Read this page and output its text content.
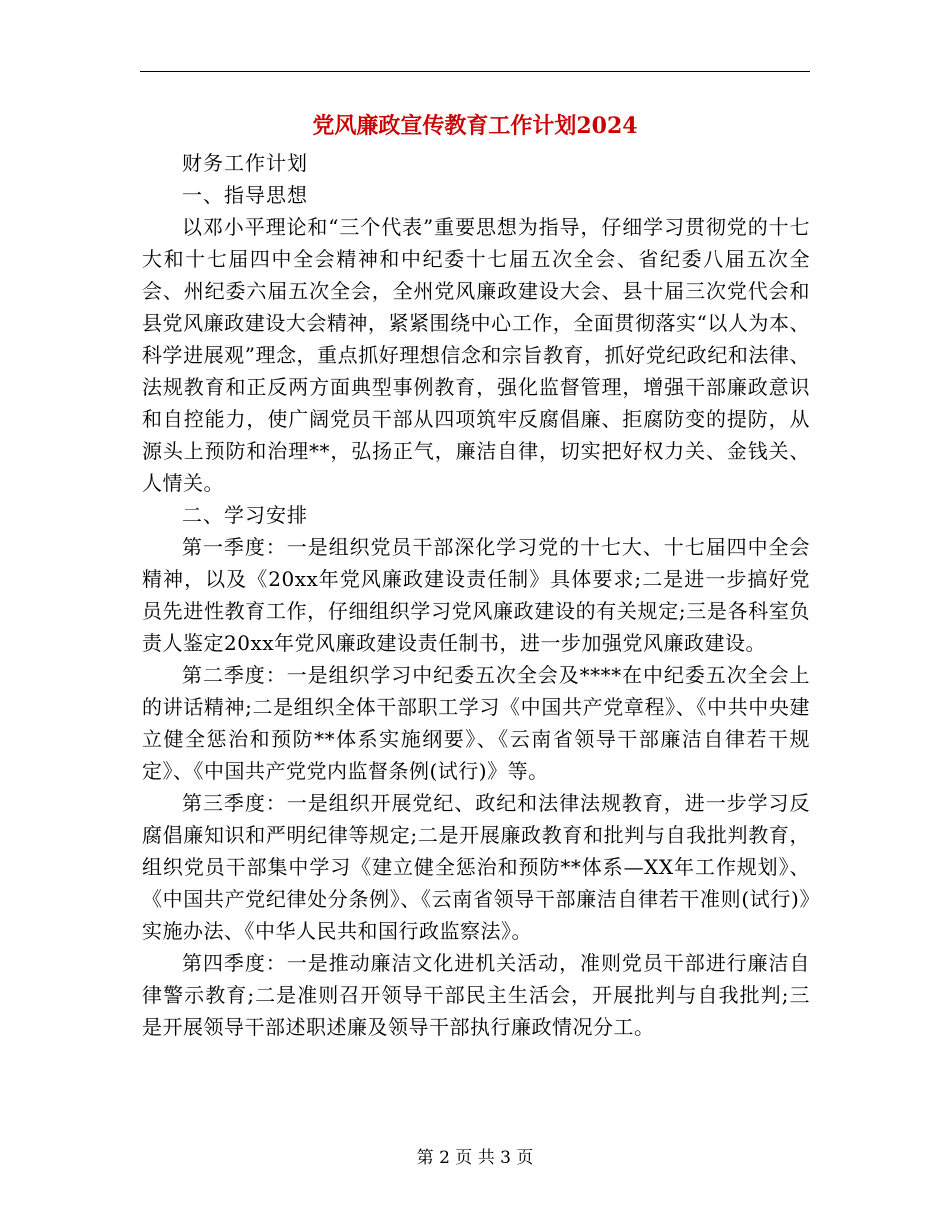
党风廉政宣传教育工作计划2024

财务工作计划

一、指导思想

以邓小平理论和“三个代表”重要思想为指导，仔细学习贯彻党的十七大和十七届四中全会精神和中纪委十七届五次全会、省纪委八届五次全会、州纪委六届五次全会，全州党风廉政建设大会、县十届三次党代会和县党风廉政建设大会精神，紧紧围绕中心工作，全面贯彻落实“以人为本、科学进展观”理念，重点抓好理想信念和宗旨教育，抓好党纪政纪和法律、法规教育和正反两方面典型事例教育，强化监督管理，增强干部廉政意识和自控能力，使广阔党员干部从四项筑牢反腐倡廉、拒腐防变的提防，从源头上预防和治理**，弘扬正气，廉洁自律，切实把好权力关、金钱关、人情关。

二、学习安排

第一季度：一是组织党员干部深化学习党的十七大、十七届四中全会精神，以及《20xx年党风廉政建设责任制》具体要求;二是进一步搞好党员先进性教育工作，仔细组织学习党风廉政建设的有关规定;三是各科室负责人鉴定20xx年党风廉政建设责任制书，进一步加强党风廉政建设。

第二季度：一是组织学习中纪委五次全会及****在中纪委五次全会上的讲话精神;二是组织全体干部职工学习《中国共产党章程》、《中共中央建立健全惩治和预防**体系实施纲要》、《云南省领导干部廉洁自律若干规定》、《中国共产党党内监督条例(试行)》等。

第三季度：一是组织开展党纪、政纪和法律法规教育，进一步学习反腐倡廉知识和严明纪律等规定;二是开展廉政教育和批判与自我批判教育，组织党员干部集中学习《建立健全惩治和预防**体系—XX年工作规划》、《中国共产党纪律处分条例》、《云南省领导干部廉洁自律若干准则(试行)》实施办法、《中华人民共和国行政监察法》。

第四季度：一是推动廉洁文化进机关活动，准则党员干部进行廉洁自律警示教育;二是准则召开领导干部民主生活会，开展批判与自我批判;三是开展领导干部述职述廉及领导干部执行廉政情况分工。

第 2 页 共 3 页
